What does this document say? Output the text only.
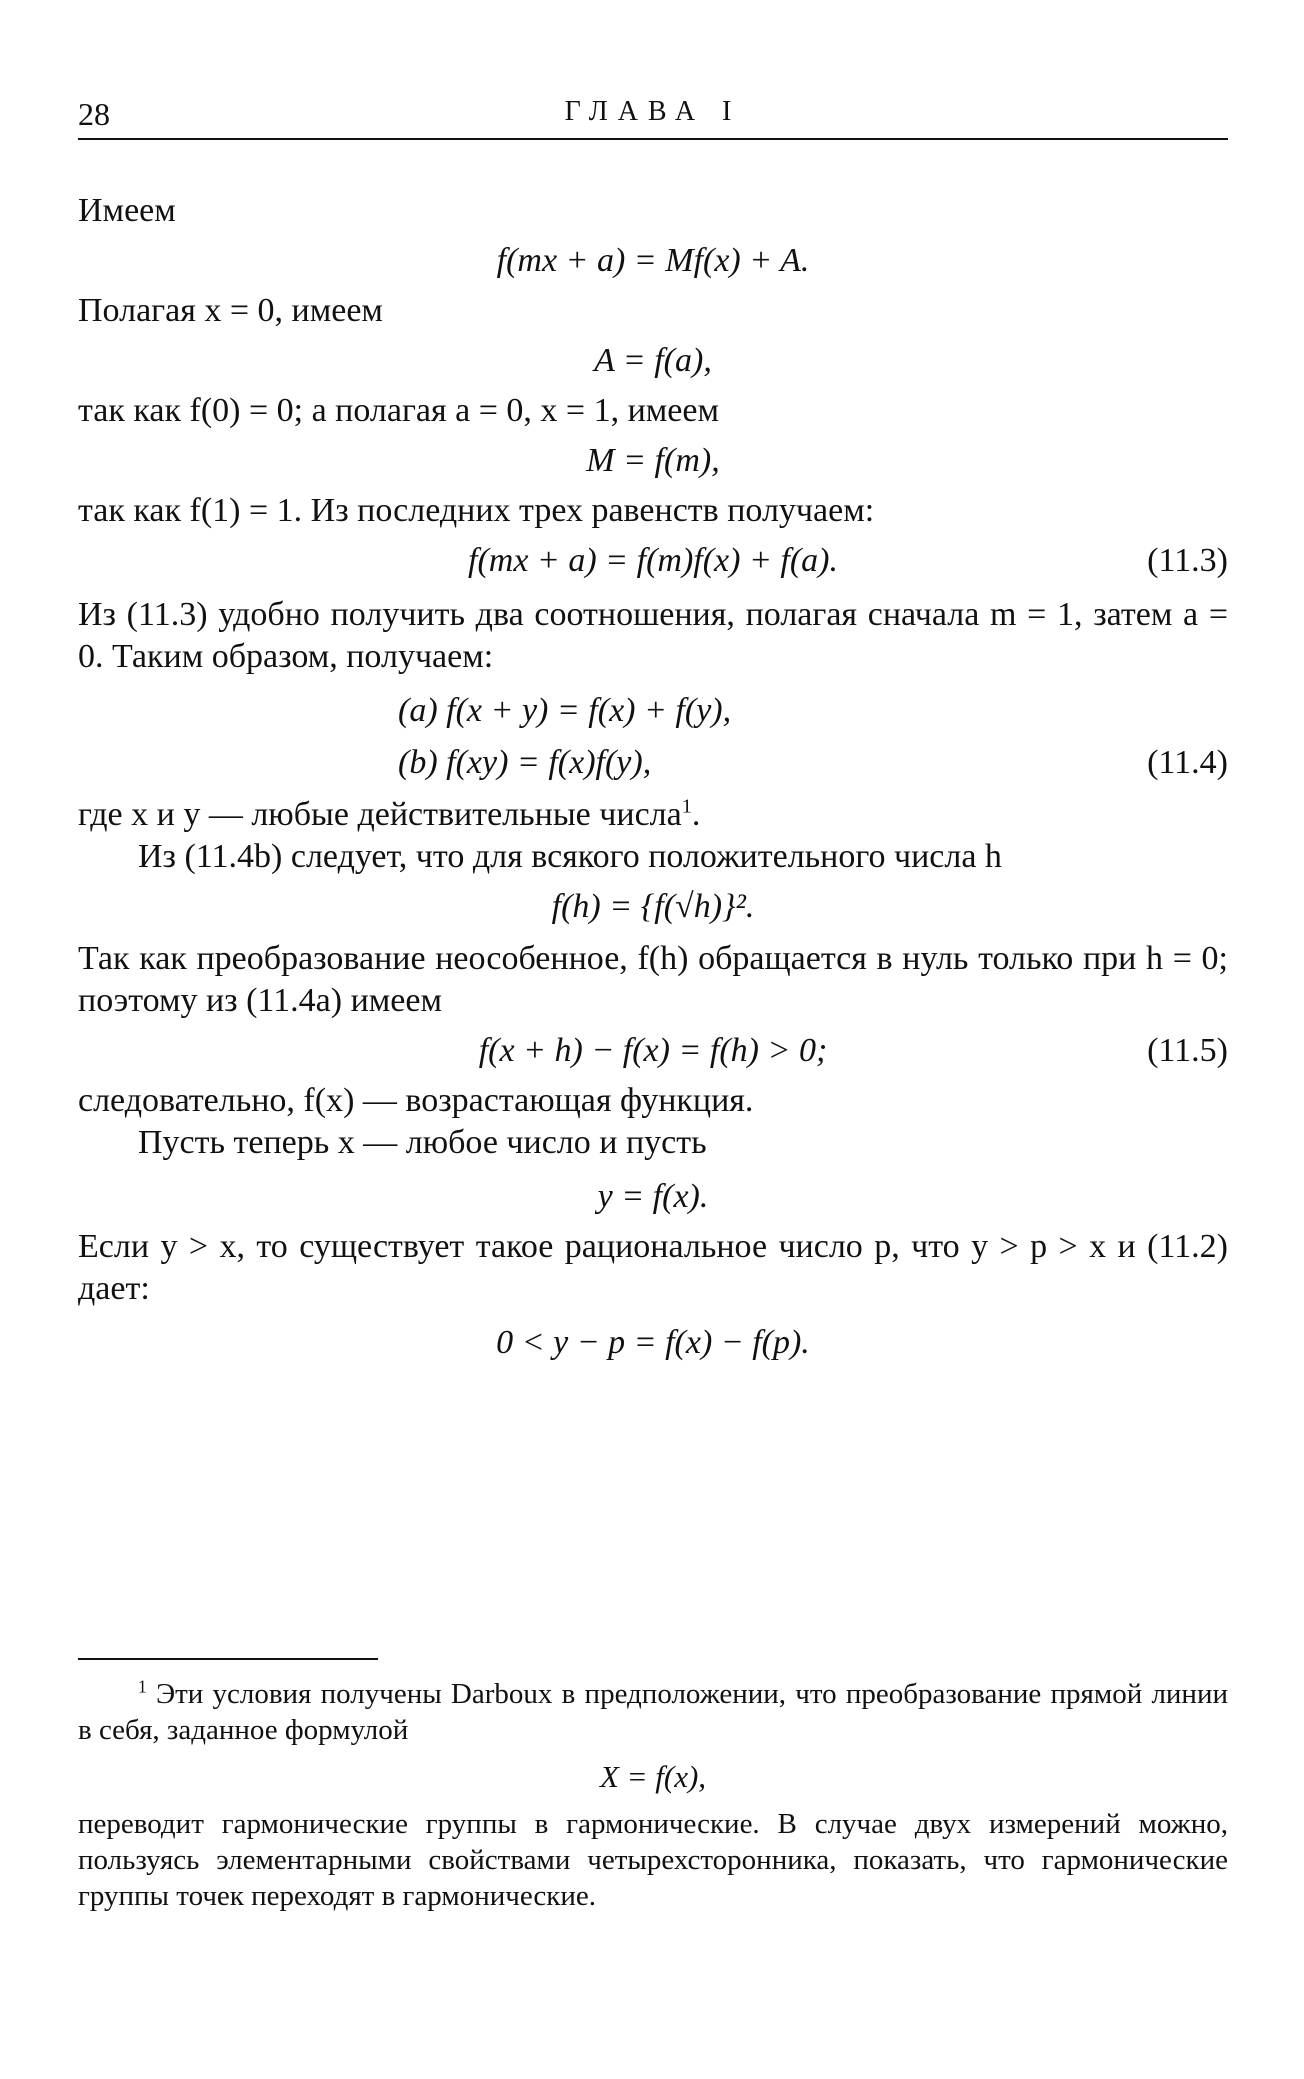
28	ГЛАВА I

Имеем

f(mx + a) = Mf(x) + A.

Полагая x = 0, имеем

A = f(a),

так как f(0) = 0; а полагая a = 0, x = 1, имеем

M = f(m),

так как f(1) = 1. Из последних трех равенств получаем:

f(mx + a) = f(m)f(x) + f(a).	(11.3)

Из (11.3) удобно получить два соотношения, полагая сначала m = 1, затем a = 0. Таким образом, получаем:

(a) f(x + y) = f(x) + f(y),
(b) f(xy) = f(x)f(y),	(11.4)

где x и y — любые действительные числа$^1$.

Из (11.4b) следует, что для всякого положительного числа h

f(h) = {f(√h)}².

Так как преобразование неособенное, f(h) обращается в нуль только при h = 0; поэтому из (11.4a) имеем

f(x + h) − f(x) = f(h) > 0;	(11.5)

следовательно, f(x) — возрастающая функция.

Пусть теперь x — любое число и пусть

y = f(x).

Если y > x, то существует такое рациональное число p, что y > p > x и (11.2) дает:

0 < y − p = f(x) − f(p).

$^1$ Эти условия получены Darboux в предположении, что преобразование прямой линии в себя, заданное формулой

X = f(x),

переводит гармонические группы в гармонические. В случае двух измерений можно, пользуясь элементарными свойствами четырехсторонника, показать, что гармонические группы точек переходят в гармонические.
